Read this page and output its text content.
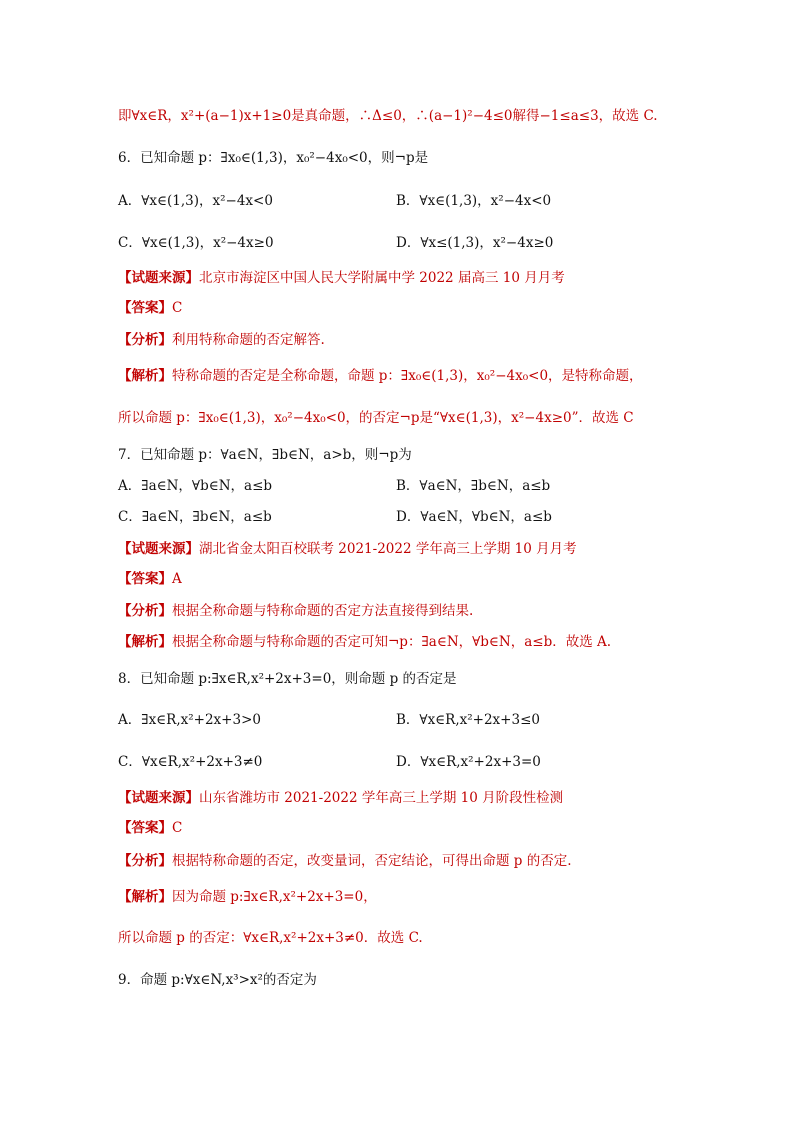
即∀x∈R，x²+(a−1)x+1≥0是真命题，∴Δ≤0，∴(a−1)²−4≤0解得−1≤a≤3，故选 C.
6．已知命题 p：∃x₀∈(1,3)，x₀²−4x₀<0，则¬p是
A．∀x∈(1,3)，x²−4x<0	B．∀x∈(1,3)，x²−4x<0
C．∀x∈(1,3)，x²−4x≥0	D．∀x≤(1,3)，x²−4x≥0
【试题来源】北京市海淀区中国人民大学附属中学 2022 届高三 10 月月考
【答案】C
【分析】利用特称命题的否定解答.
【解析】特称命题的否定是全称命题，命题 p：∃x₀∈(1,3)，x₀²−4x₀<0，是特称命题，
所以命题 p：∃x₀∈(1,3)，x₀²−4x₀<0，的否定¬p是“∀x∈(1,3)，x²−4x≥0”．故选 C
7．已知命题 p：∀a∈N，∃b∈N，a>b，则¬p为
A．∃a∈N，∀b∈N，a≤b	B．∀a∈N，∃b∈N，a≤b
C．∃a∈N，∃b∈N，a≤b	D．∀a∈N，∀b∈N，a≤b
【试题来源】湖北省金太阳百校联考 2021-2022 学年高三上学期 10 月月考
【答案】A
【分析】根据全称命题与特称命题的否定方法直接得到结果.
【解析】根据全称命题与特称命题的否定可知¬p：∃a∈N，∀b∈N，a≤b．故选 A.
8．已知命题 p:∃x∈R,x²+2x+3=0，则命题 p 的否定是
A．∃x∈R,x²+2x+3>0	B．∀x∈R,x²+2x+3≤0
C．∀x∈R,x²+2x+3≠0	D．∀x∈R,x²+2x+3=0
【试题来源】山东省潍坊市 2021-2022 学年高三上学期 10 月阶段性检测
【答案】C
【分析】根据特称命题的否定，改变量词，否定结论，可得出命题 p 的否定.
【解析】因为命题 p:∃x∈R,x²+2x+3=0，
所以命题 p 的否定：∀x∈R,x²+2x+3≠0．故选 C.
9．命题 p:∀x∈N,x³>x²的否定为
